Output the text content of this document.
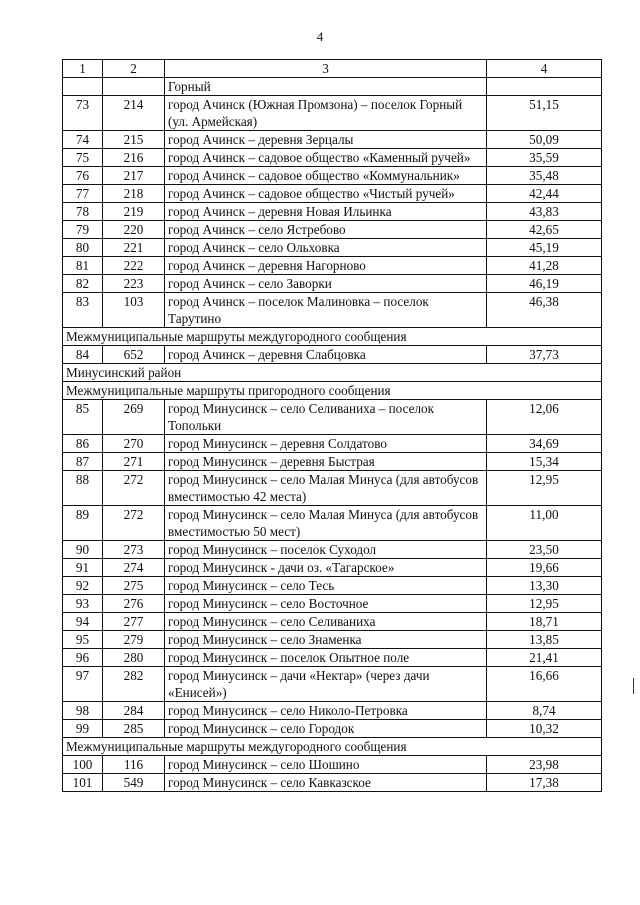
4
1	2	3	4
		Горный	
73	214	город Ачинск (Южная Промзона) – поселок Горный (ул. Армейская)	51,15
74	215	город Ачинск – деревня Зерцалы	50,09
75	216	город Ачинск – садовое общество «Каменный ручей»	35,59
76	217	город Ачинск – садовое общество «Коммунальник»	35,48
77	218	город Ачинск – садовое общество «Чистый ручей»	42,44
78	219	город Ачинск – деревня Новая Ильинка	43,83
79	220	город Ачинск – село Ястребово	42,65
80	221	город Ачинск – село Ольховка	45,19
81	222	город Ачинск – деревня Нагорново	41,28
82	223	город Ачинск – село Заворки	46,19
83	103	город Ачинск – поселок Малиновка – поселок Тарутино	46,38
Межмуниципальные маршруты междугородного сообщения			
84	652	город Ачинск – деревня Слабцовка	37,73
Минусинский район			
Межмуниципальные маршруты пригородного сообщения			
85	269	город Минусинск – село Селиваниха – поселок Топольки	12,06
86	270	город Минусинск – деревня Солдатово	34,69
87	271	город Минусинск – деревня Быстрая	15,34
88	272	город Минусинск – село Малая Минуса (для автобусов вместимостью 42 места)	12,95
89	272	город Минусинск – село Малая Минуса (для автобусов вместимостью 50 мест)	11,00
90	273	город Минусинск – поселок Суходол	23,50
91	274	город Минусинск - дачи оз. «Тагарское»	19,66
92	275	город Минусинск – село Тесь	13,30
93	276	город Минусинск – село Восточное	12,95
94	277	город Минусинск – село Селиваниха	18,71
95	279	город Минусинск – село Знаменка	13,85
96	280	город Минусинск – поселок Опытное поле	21,41
97	282	город Минусинск – дачи «Нектар» (через дачи «Енисей»)	16,66
98	284	город Минусинск – село Николо-Петровка	8,74
99	285	город Минусинск – село Городок	10,32
Межмуниципальные маршруты междугородного сообщения			
100	116	город Минусинск – село Шошино	23,98
101	549	город Минусинск – село Кавказское	17,38
